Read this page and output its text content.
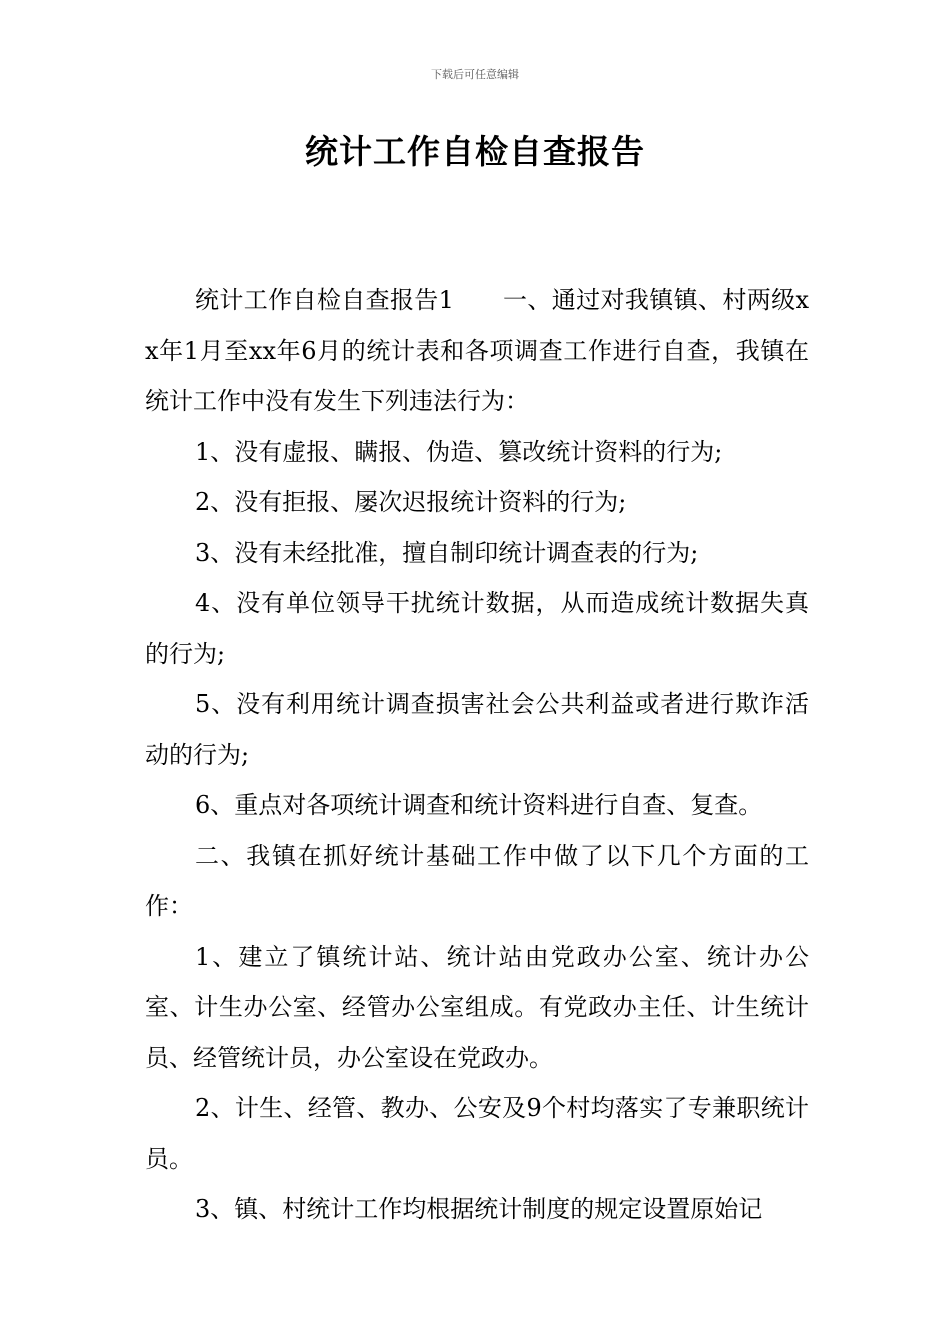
下载后可任意编辑
统计工作自检自查报告

统计工作自检自查报告1　　一、通过对我镇镇、村两级xx年1月至xx年6月的统计表和各项调查工作进行自查，我镇在统计工作中没有发生下列违法行为：

1、没有虚报、瞒报、伪造、篡改统计资料的行为;

2、没有拒报、屡次迟报统计资料的行为;

3、没有未经批准，擅自制印统计调查表的行为;

4、没有单位领导干扰统计数据，从而造成统计数据失真的行为;

5、没有利用统计调查损害社会公共利益或者进行欺诈活动的行为;

6、重点对各项统计调查和统计资料进行自查、复查。

二、我镇在抓好统计基础工作中做了以下几个方面的工作：

1、建立了镇统计站、统计站由党政办公室、统计办公室、计生办公室、经管办公室组成。有党政办主任、计生统计员、经管统计员，办公室设在党政办。

2、计生、经管、教办、公安及9个村均落实了专兼职统计员。

3、镇、村统计工作均根据统计制度的规定设置原始记
